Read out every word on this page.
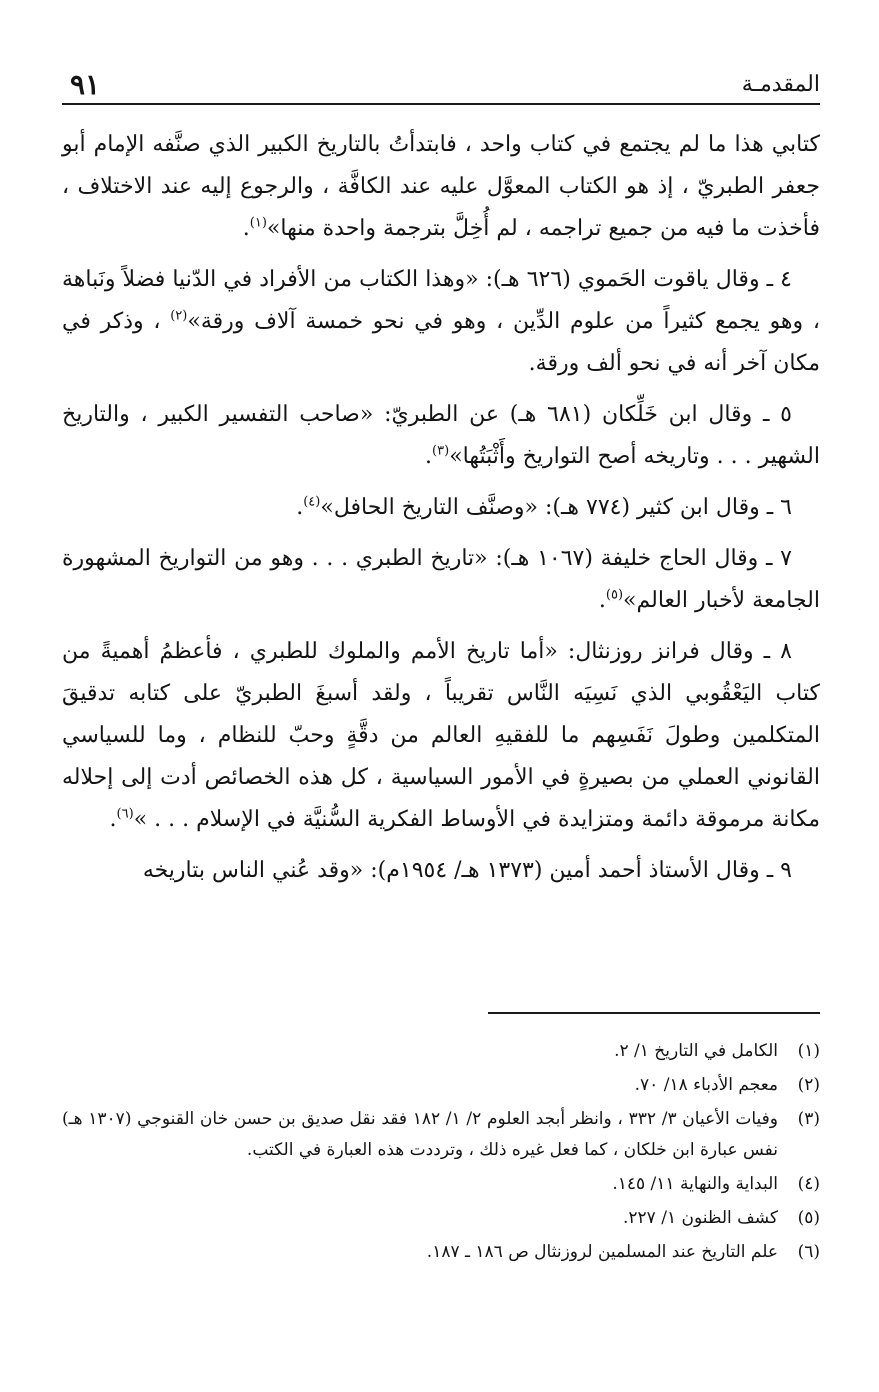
المقدمـة
٩١

كتابي هذا ما لم يجتمع في كتاب واحد ، فابتدأتُ بالتاريخ الكبير الذي صنَّفه الإمام أبو جعفر الطبريّ ، إذ هو الكتاب المعوَّل عليه عند الكافَّة ، والرجوع إليه عند الاختلاف ، فأخذت ما فيه من جميع تراجمه ، لم أُخِلَّ بترجمة واحدة منها»$^{(١)}$.

٤ ـ وقال ياقوت الحَموي (٦٢٦ هـ): «وهذا الكتاب من الأفراد في الدّنيا فضلاً ونَباهة ، وهو يجمع كثيراً من علوم الدِّين ، وهو في نحو خمسة آلاف ورقة»$^{(٢)}$ ، وذكر في مكان آخر أنه في نحو ألف ورقة.

٥ ـ وقال ابن خَلِّكان (٦٨١ هـ) عن الطبريّ: «صاحب التفسير الكبير ، والتاريخ الشهير . . . وتاريخه أصح التواريخ وأَثْبَتُها»$^{(٣)}$.

٦ ـ وقال ابن كثير (٧٧٤ هـ): «وصنَّف التاريخ الحافل»$^{(٤)}$.

٧ ـ وقال الحاج خليفة (١٠٦٧ هـ): «تاريخ الطبري . . . وهو من التواريخ المشهورة الجامعة لأخبار العالم»$^{(٥)}$.

٨ ـ وقال فرانز روزنثال: «أما تاريخ الأمم والملوك للطبري ، فأعظمُ أهميةً من كتاب اليَعْقُوبي الذي نَسِيَه النَّاس تقريباً ، ولقد أسبغَ الطبريّ على كتابه تدقيقَ المتكلمين وطولَ نَفَسِهم ما للفقيهِ العالم من دقَّةٍ وحبّ للنظام ، وما للسياسي القانوني العملي من بصيرةٍ في الأمور السياسية ، كل هذه الخصائص أدت إلى إحلاله مكانة مرموقة دائمة ومتزايدة في الأوساط الفكرية السُّنيَّة في الإسلام . . . »$^{(٦)}$.

٩ ـ وقال الأستاذ أحمد أمين (١٣٧٣ هـ/ ١٩٥٤م): «وقد عُني الناس بتاريخه

(١)
الكامل في التاريخ ١/ ٢.
(٢)
معجم الأدباء ١٨/ ٧٠.
(٣)
وفيات الأعيان ٣/ ٣٣٢ ، وانظر أبجد العلوم ٢/ ١/ ١٨٢ فقد نقل صديق بن حسن خان القنوجي (١٣٠٧ هـ) نفس عبارة ابن خلكان ، كما فعل غيره ذلك ، وترددت هذه العبارة في الكتب.
(٤)
البداية والنهاية ١١/ ١٤٥.
(٥)
كشف الظنون ١/ ٢٢٧.
(٦)
علم التاريخ عند المسلمين لروزنثال ص ١٨٦ ـ ١٨٧.
